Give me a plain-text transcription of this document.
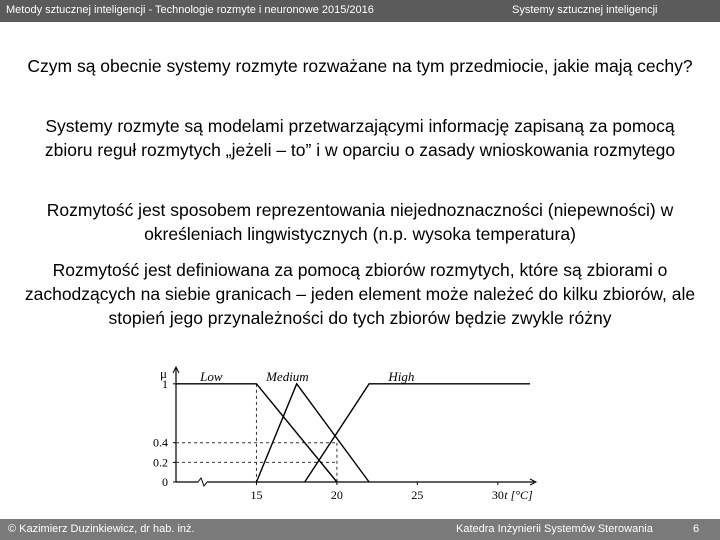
Metody sztucznej inteligencji - Technologie rozmyte i neuronowe 2015/2016	Systemy sztucznej inteligencji
Czym są obecnie systemy rozmyte rozważane na tym przedmiocie, jakie mają cechy?
Systemy rozmyte są modelami przetwarzającymi informację zapisaną za pomocą zbioru reguł rozmytych „jeżeli – to” i w oparciu o zasady wnioskowania rozmytego
Rozmytość jest sposobem reprezentowania niejednoznaczności (niepewności) w określeniach lingwistycznych (n.p. wysoka temperatura)
Rozmytość jest definiowana za pomocą zbiorów rozmytych, które są zbiorami o zachodzących na siebie granicach – jeden element może należeć do kilku zbiorów, ale stopień jego przynależności do tych zbiorów będzie zwykle różny
0
0.2
0.4
1
15	20	25	30
μ
t [°C]
Low	Medium	High
© Kazimierz Duzinkiewicz, dr hab. inż.	Katedra Inżynierii Systemów Sterowania	6
